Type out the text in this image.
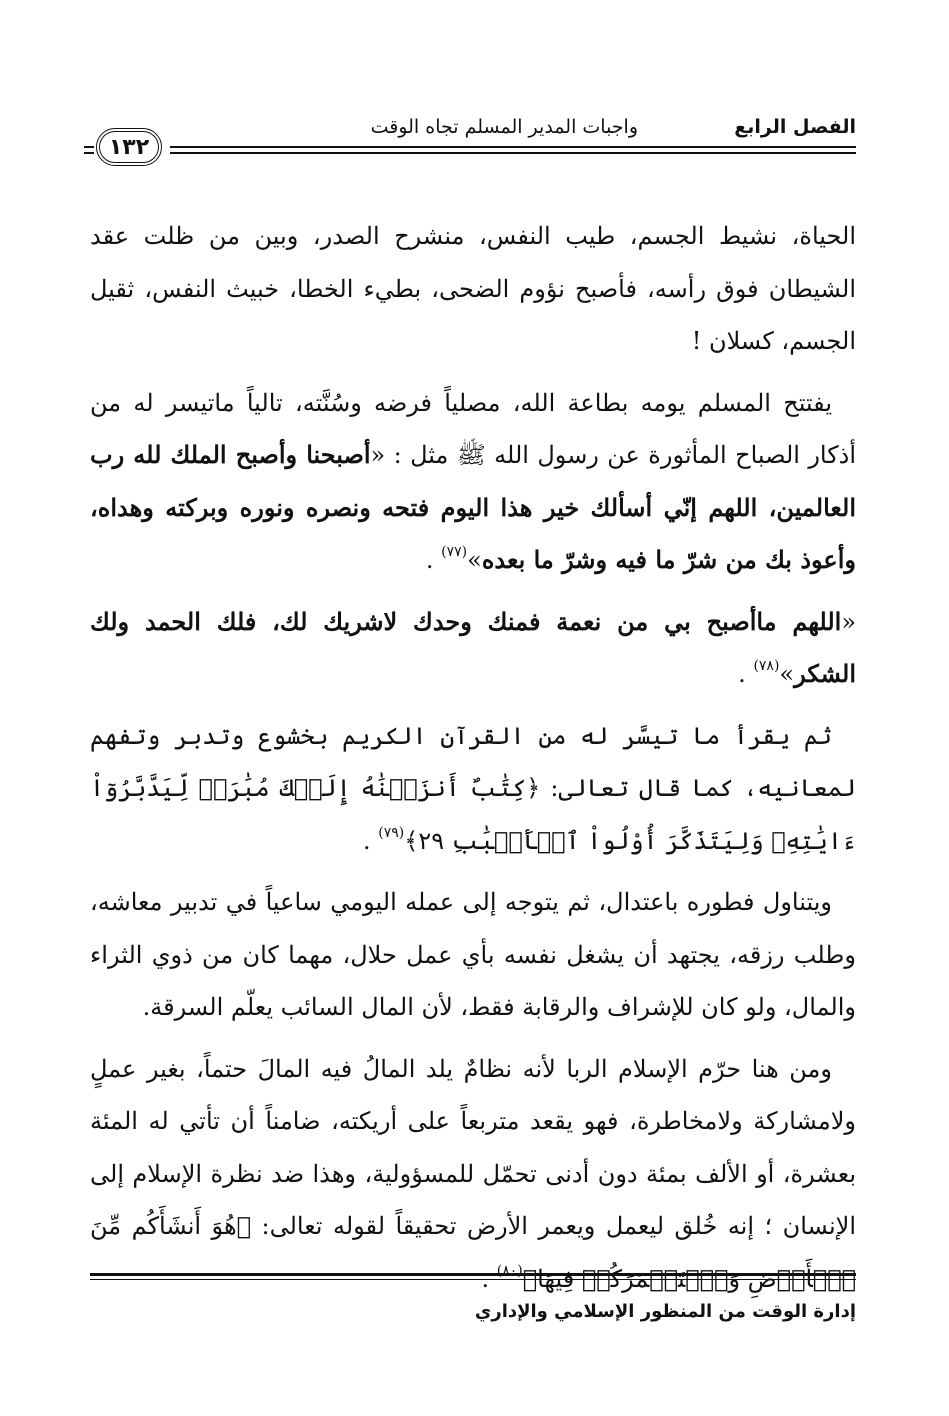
الفصل الرابع
واجبات المدير المسلم تجاه الوقت
١٣٢

الحياة، نشيط الجسم، طيب النفس، منشرح الصدر، وبين من ظلت عقد الشيطان فوق رأسه، فأصبح نؤوم الضحى، بطيء الخطا، خبيث النفس، ثقيل الجسم، كسلان !

يفتتح المسلم يومه بطاعة الله، مصلياً فرضه وسُنَّته، تالياً ماتيسر له من أذكار الصباح المأثورة عن رسول الله ﷺ مثل : «أصبحنا وأصبح الملك لله رب العالمين، اللهم إنّي أسألك خير هذا اليوم فتحه ونصره ونوره وبركته وهداه، وأعوذ بك من شرّ ما فيه وشرّ ما بعده»$^{(٧٧)}$ .

«اللهم ماأصبح بي من نعمة فمنك وحدك لاشريك لك، فلك الحمد ولك الشكر»$^{(٧٨)}$ .

ثم يقرأ ما تيسَّر له من القرآن الكريم بخشوع وتدبر وتفهم لمعانيه، كما قال تعالى: ﴿كِتَٰبٌ أَنزَلۡنَٰهُ إِلَيۡكَ مُبَٰرَكٞ لِّيَدَّبَّرُوٓاْ ءَايَٰتِهِۦ وَلِيَتَذَكَّرَ أُوْلُواْ ٱلۡأَلۡبَٰبِ ٢٩﴾$^{(٧٩)}$ .

ويتناول فطوره باعتدال، ثم يتوجه إلى عمله اليومي ساعياً في تدبير معاشه، وطلب رزقه، يجتهد أن يشغل نفسه بأي عمل حلال، مهما كان من ذوي الثراء والمال، ولو كان للإشراف والرقابة فقط، لأن المال السائب يعلّم السرقة.

ومن هنا حرّم الإسلام الربا لأنه نظامٌ يلد المالُ فيه المالَ حتماً، بغير عملٍ ولامشاركة ولامخاطرة، فهو يقعد متربعاً على أريكته، ضامناً أن تأتي له المئة بعشرة، أو الألف بمئة دون أدنى تحمّل للمسؤولية، وهذا ضد نظرة الإسلام إلى الإنسان ؛ إنه خُلق ليعمل ويعمر الأرض تحقيقاً لقوله تعالى: ﴿هُوَ أَنشَأَكُم مِّنَ ٱلۡأَرۡضِ وَٱسۡتَعۡمَرَكُمۡ فِيهَا﴾$^{(٨٠)}$ .

إدارة الوقت من المنظور الإسلامي والإداري
